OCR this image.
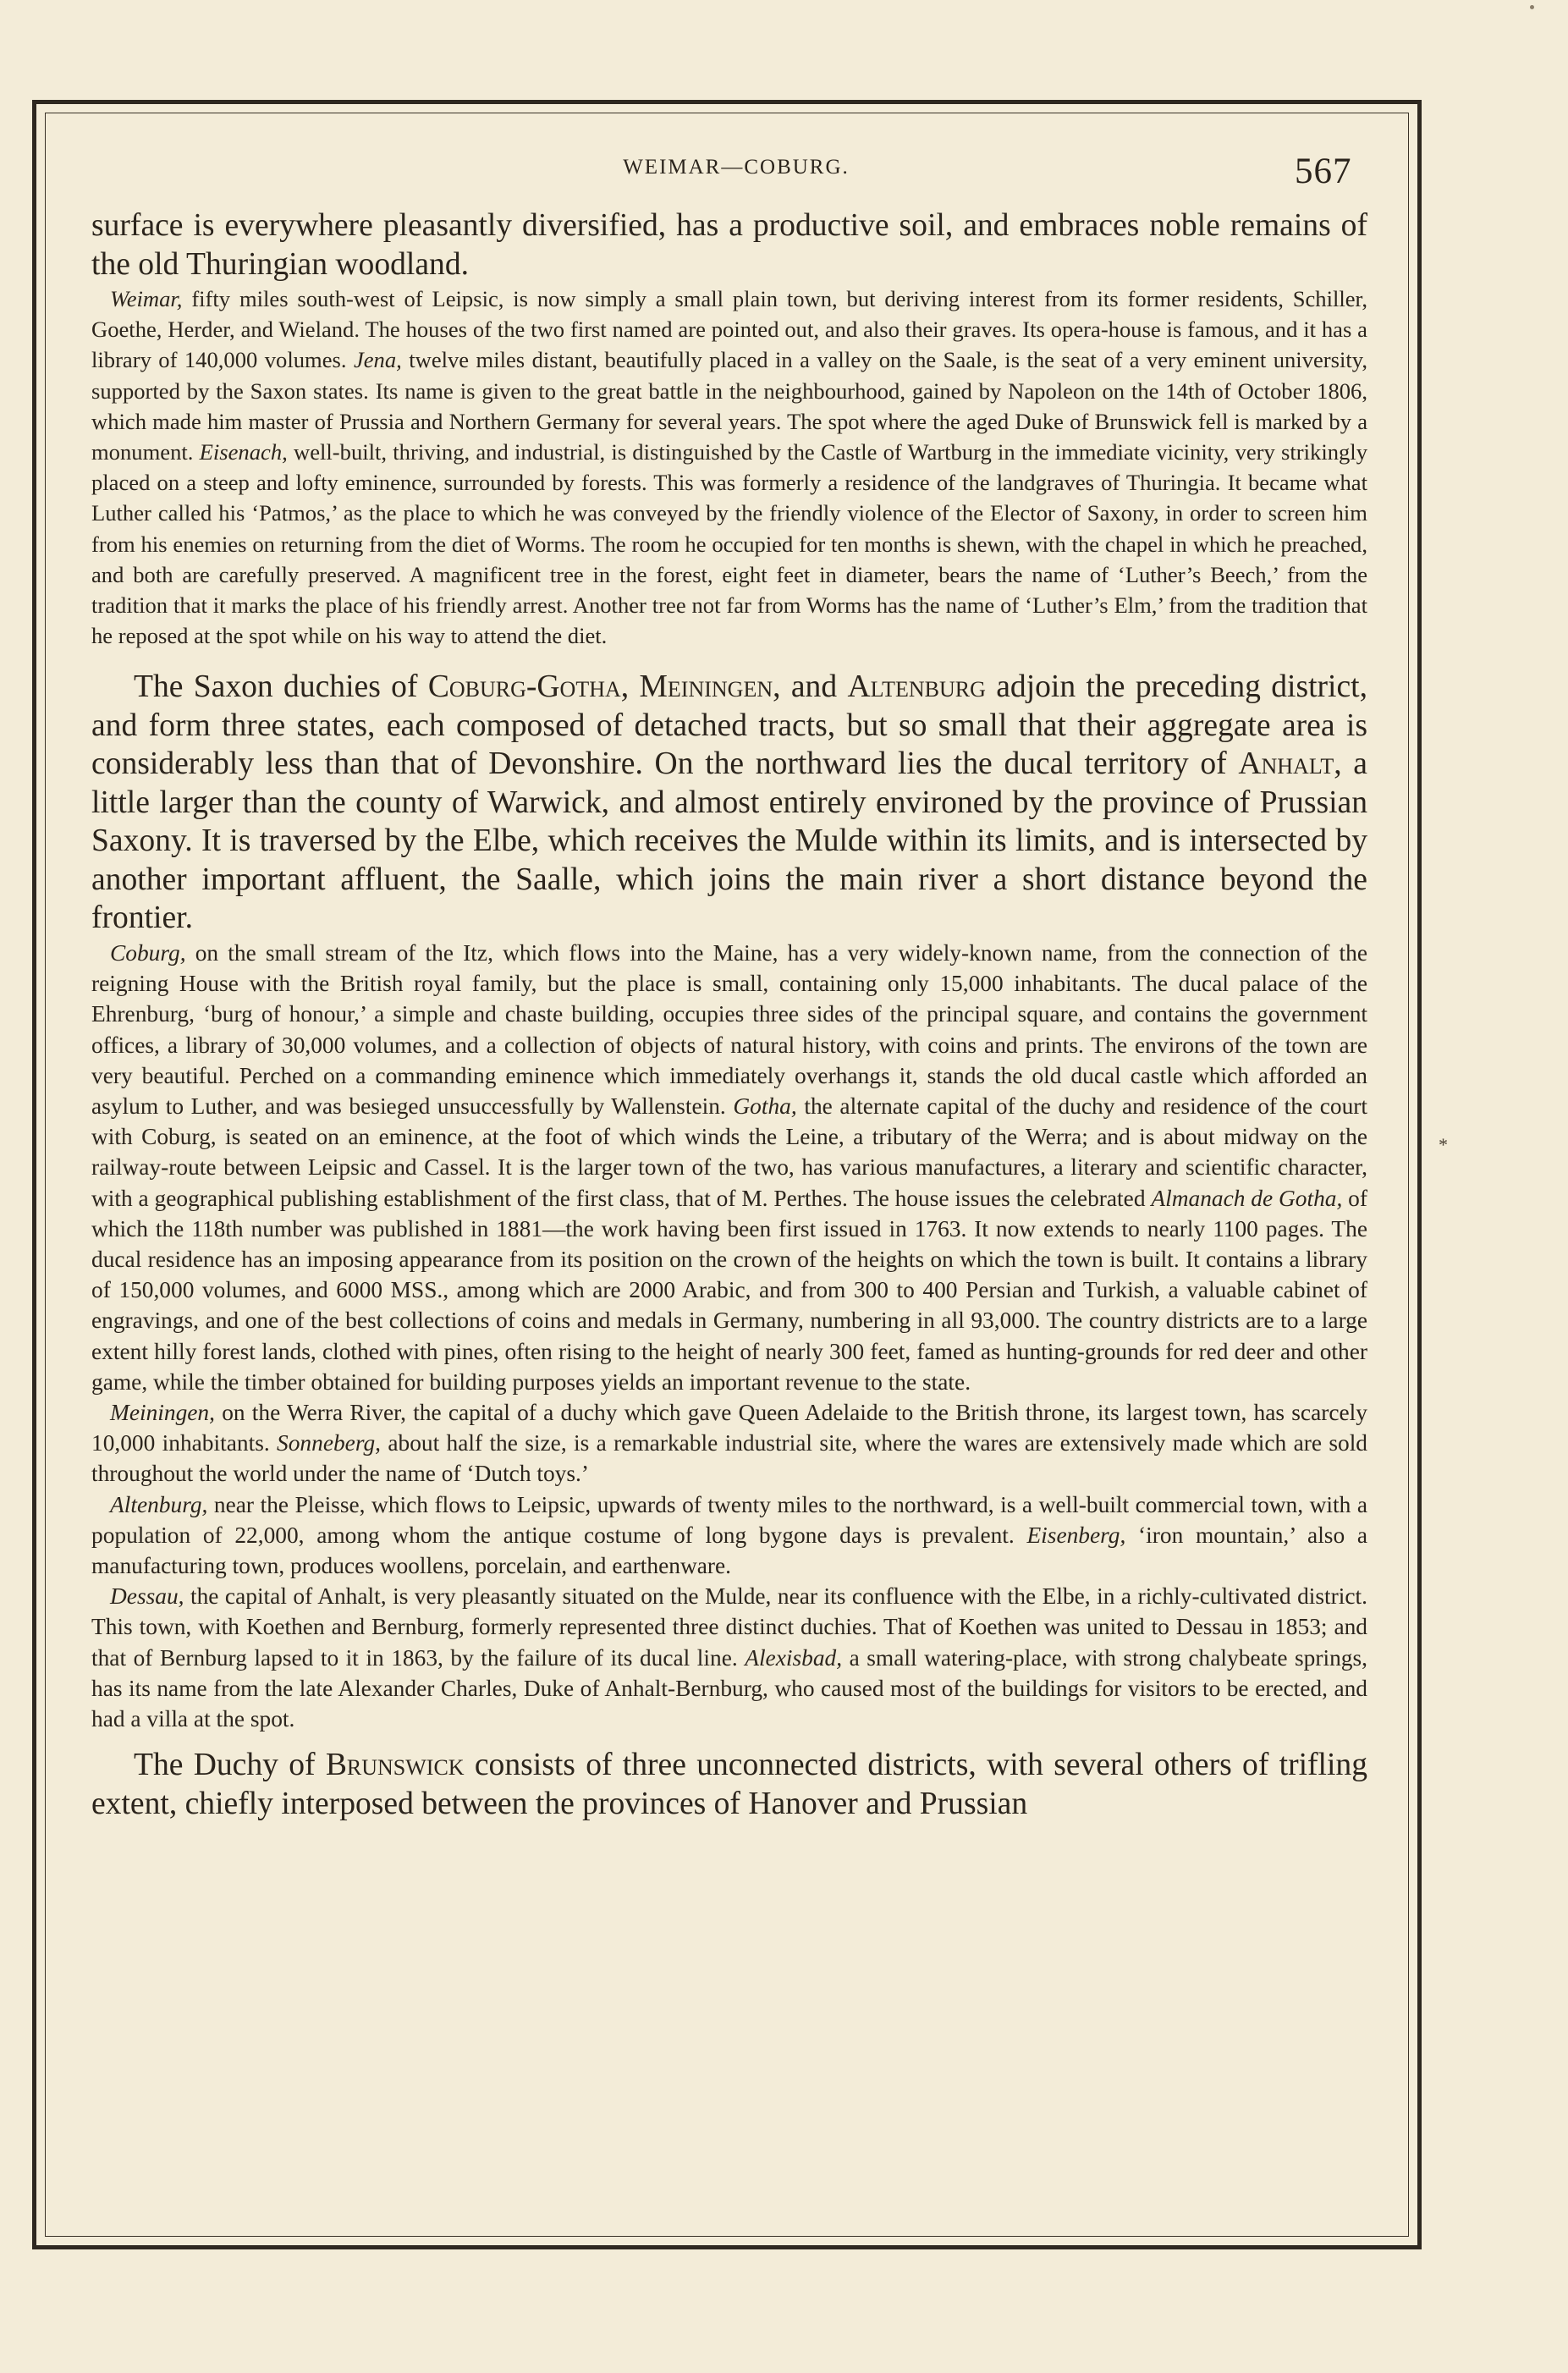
WEIMAR—COBURG.	567
*

surface is everywhere pleasantly diversified, has a productive soil, and embraces noble remains of the old Thuringian woodland.

Weimar, fifty miles south-west of Leipsic, is now simply a small plain town, but deriving interest from its former residents, Schiller, Goethe, Herder, and Wieland. The houses of the two first named are pointed out, and also their graves. Its opera-house is famous, and it has a library of 140,000 volumes. Jena, twelve miles distant, beautifully placed in a valley on the Saale, is the seat of a very eminent university, supported by the Saxon states. Its name is given to the great battle in the neighbourhood, gained by Napoleon on the 14th of October 1806, which made him master of Prussia and Northern Germany for several years. The spot where the aged Duke of Brunswick fell is marked by a monument. Eisenach, well-built, thriving, and industrial, is distinguished by the Castle of Wartburg in the immediate vicinity, very strikingly placed on a steep and lofty eminence, surrounded by forests. This was formerly a residence of the landgraves of Thuringia. It became what Luther called his ‘Patmos,’ as the place to which he was conveyed by the friendly violence of the Elector of Saxony, in order to screen him from his enemies on returning from the diet of Worms. The room he occupied for ten months is shewn, with the chapel in which he preached, and both are carefully preserved. A magnificent tree in the forest, eight feet in diameter, bears the name of ‘Luther’s Beech,’ from the tradition that it marks the place of his friendly arrest. Another tree not far from Worms has the name of ‘Luther’s Elm,’ from the tradition that he reposed at the spot while on his way to attend the diet.

The Saxon duchies of Coburg-Gotha, Meiningen, and Altenburg adjoin the preceding district, and form three states, each composed of detached tracts, but so small that their aggregate area is considerably less than that of Devonshire. On the northward lies the ducal territory of Anhalt, a little larger than the county of Warwick, and almost entirely environed by the province of Prussian Saxony. It is traversed by the Elbe, which receives the Mulde within its limits, and is intersected by another important affluent, the Saalle, which joins the main river a short distance beyond the frontier.

Coburg, on the small stream of the Itz, which flows into the Maine, has a very widely-known name, from the connection of the reigning House with the British royal family, but the place is small, containing only 15,000 inhabitants. The ducal palace of the Ehrenburg, ‘burg of honour,’ a simple and chaste building, occupies three sides of the principal square, and contains the government offices, a library of 30,000 volumes, and a collection of objects of natural history, with coins and prints. The environs of the town are very beautiful. Perched on a commanding eminence which immediately overhangs it, stands the old ducal castle which afforded an asylum to Luther, and was besieged unsuccessfully by Wallenstein. Gotha, the alternate capital of the duchy and residence of the court with Coburg, is seated on an eminence, at the foot of which winds the Leine, a tributary of the Werra; and is about midway on the railway-route between Leipsic and Cassel. It is the larger town of the two, has various manufactures, a literary and scientific character, with a geographical publishing establishment of the first class, that of M. Perthes. The house issues the celebrated Almanach de Gotha, of which the 118th number was published in 1881—the work having been first issued in 1763. It now extends to nearly 1100 pages. The ducal residence has an imposing appearance from its position on the crown of the heights on which the town is built. It contains a library of 150,000 volumes, and 6000 MSS., among which are 2000 Arabic, and from 300 to 400 Persian and Turkish, a valuable cabinet of engravings, and one of the best collections of coins and medals in Germany, numbering in all 93,000. The country districts are to a large extent hilly forest lands, clothed with pines, often rising to the height of nearly 300 feet, famed as hunting-grounds for red deer and other game, while the timber obtained for building purposes yields an important revenue to the state.

Meiningen, on the Werra River, the capital of a duchy which gave Queen Adelaide to the British throne, its largest town, has scarcely 10,000 inhabitants. Sonneberg, about half the size, is a remarkable industrial site, where the wares are extensively made which are sold throughout the world under the name of ‘Dutch toys.’

Altenburg, near the Pleisse, which flows to Leipsic, upwards of twenty miles to the northward, is a well-built commercial town, with a population of 22,000, among whom the antique costume of long bygone days is prevalent. Eisenberg, ‘iron mountain,’ also a manufacturing town, produces woollens, porcelain, and earthenware.

Dessau, the capital of Anhalt, is very pleasantly situated on the Mulde, near its confluence with the Elbe, in a richly-cultivated district. This town, with Koethen and Bernburg, formerly represented three distinct duchies. That of Koethen was united to Dessau in 1853; and that of Bernburg lapsed to it in 1863, by the failure of its ducal line. Alexisbad, a small watering-place, with strong chalybeate springs, has its name from the late Alexander Charles, Duke of Anhalt-Bernburg, who caused most of the buildings for visitors to be erected, and had a villa at the spot.

The Duchy of Brunswick consists of three unconnected districts, with several others of trifling extent, chiefly interposed between the provinces of Hanover and Prussian
